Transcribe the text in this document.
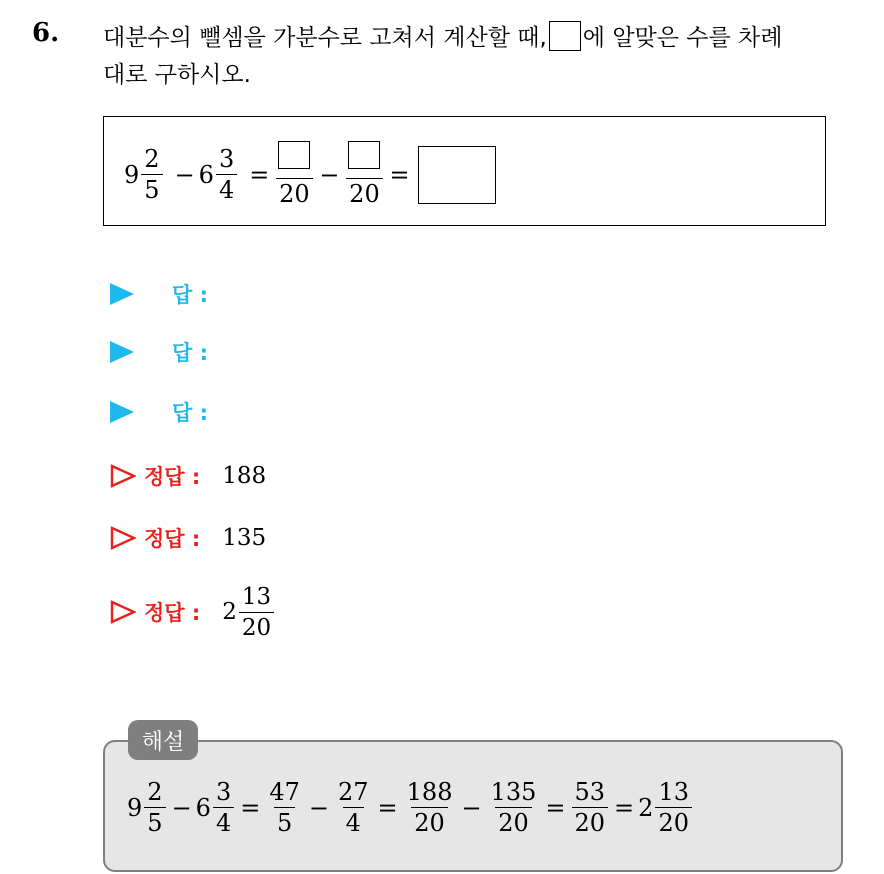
6. 대분수의 뺄셈을 가분수로 고쳐서 계산할 때, 에 알맞은 수를 차례
대로 구하시오.
$9 \frac{2}{5} - 6 \frac{3}{4}$ =
20
−
20
=
답 :
답 :
답 :
정답 : 188
정답 : 135
정답 : $2 \frac{13}{20}$
$9 \frac{2}{5} - 6 \frac{3}{4} = \frac{47}{5} - \frac{27}{4} = \frac{188}{20} - \frac{135}{20} = \frac{53}{20} = 2 \frac{13}{20}$
해설
